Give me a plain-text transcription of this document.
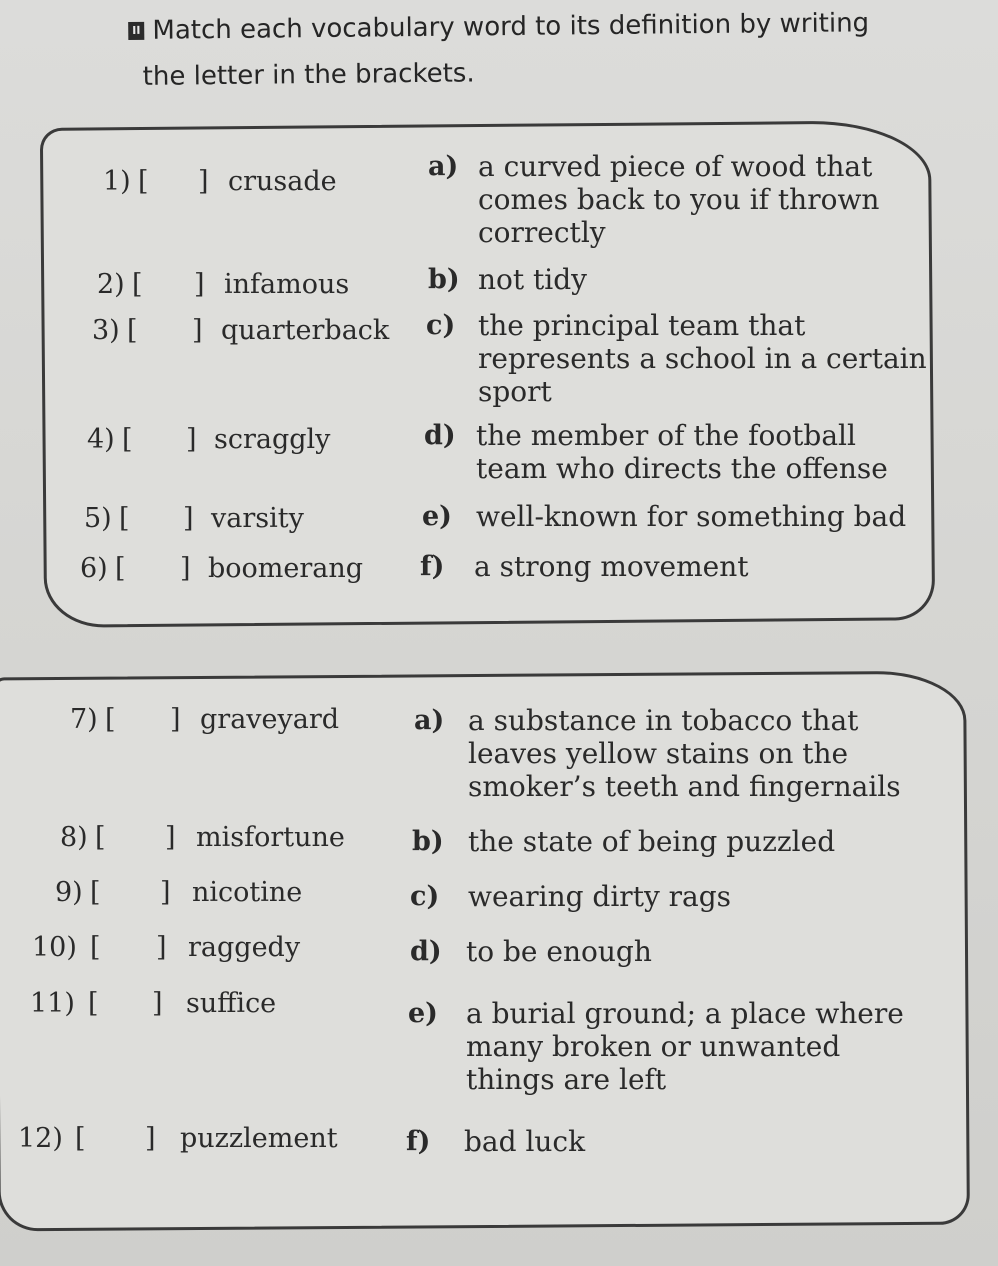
II Match each vocabulary word to its definition by writing
the letter in the brackets.
1) [ ] crusade	a) a curved piece of wood that
comes back to you if thrown
correctly
2) [ ] infamous	b) not tidy
3) [ ] quarterback c) the principal team that
represents a school in a certain
sport
4) [ ] scraggly	d) the member of the football
team who directs the offense
5) [ ] varsity	e) well-known for something bad
6) [ ] boomerang f) a strong movement
7) [ ] graveyard	a) a substance in tobacco that
leaves yellow stains on the
smoker’s teeth and fingernails
8) [ ] misfortune b) the state of being puzzled
9) [ ] nicotine	c) wearing dirty rags
10) [ ] raggedy	d) to be enough
11) [ ] suffice	e) a burial ground; a place where
many broken or unwanted
things are left
12) [ ] puzzlement	f) bad luck
